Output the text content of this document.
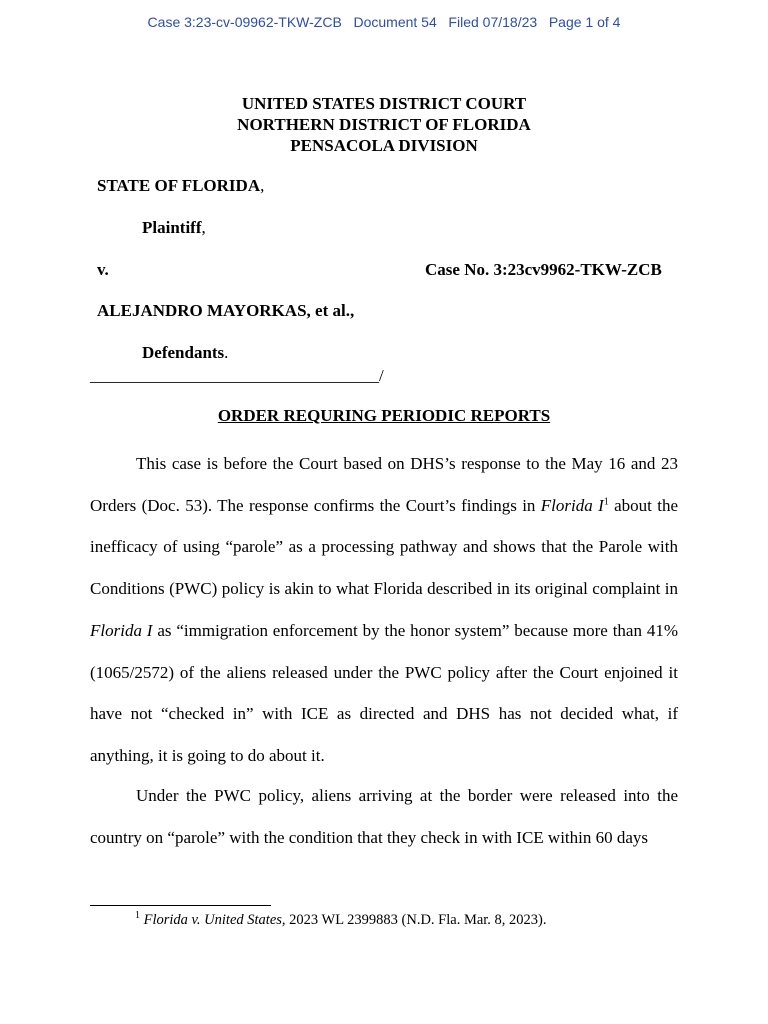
Case 3:23-cv-09962-TKW-ZCB Document 54 Filed 07/18/23 Page 1 of 4
UNITED STATES DISTRICT COURT
NORTHERN DISTRICT OF FLORIDA
PENSACOLA DIVISION
STATE OF FLORIDA,
Plaintiff,
v.	Case No. 3:23cv9962-TKW-ZCB
ALEJANDRO MAYORKAS, et al.,
Defendants.
__________________________________/
ORDER REQURING PERIODIC REPORTS
This case is before the Court based on DHS’s response to the May 16 and 23 Orders (Doc. 53). The response confirms the Court’s findings in Florida $I^1$ about the inefficacy of using “parole” as a processing pathway and shows that the Parole with Conditions (PWC) policy is akin to what Florida described in its original complaint in Florida I as “immigration enforcement by the honor system” because more than 41% (1065/2572) of the aliens released under the PWC policy after the Court enjoined it have not “checked in” with ICE as directed and DHS has not decided what, if anything, it is going to do about it.
Under the PWC policy, aliens arriving at the border were released into the country on “parole” with the condition that they check in with ICE within 60 days
$^1$ Florida v. United States, 2023 WL 2399883 (N.D. Fla. Mar. 8, 2023).
